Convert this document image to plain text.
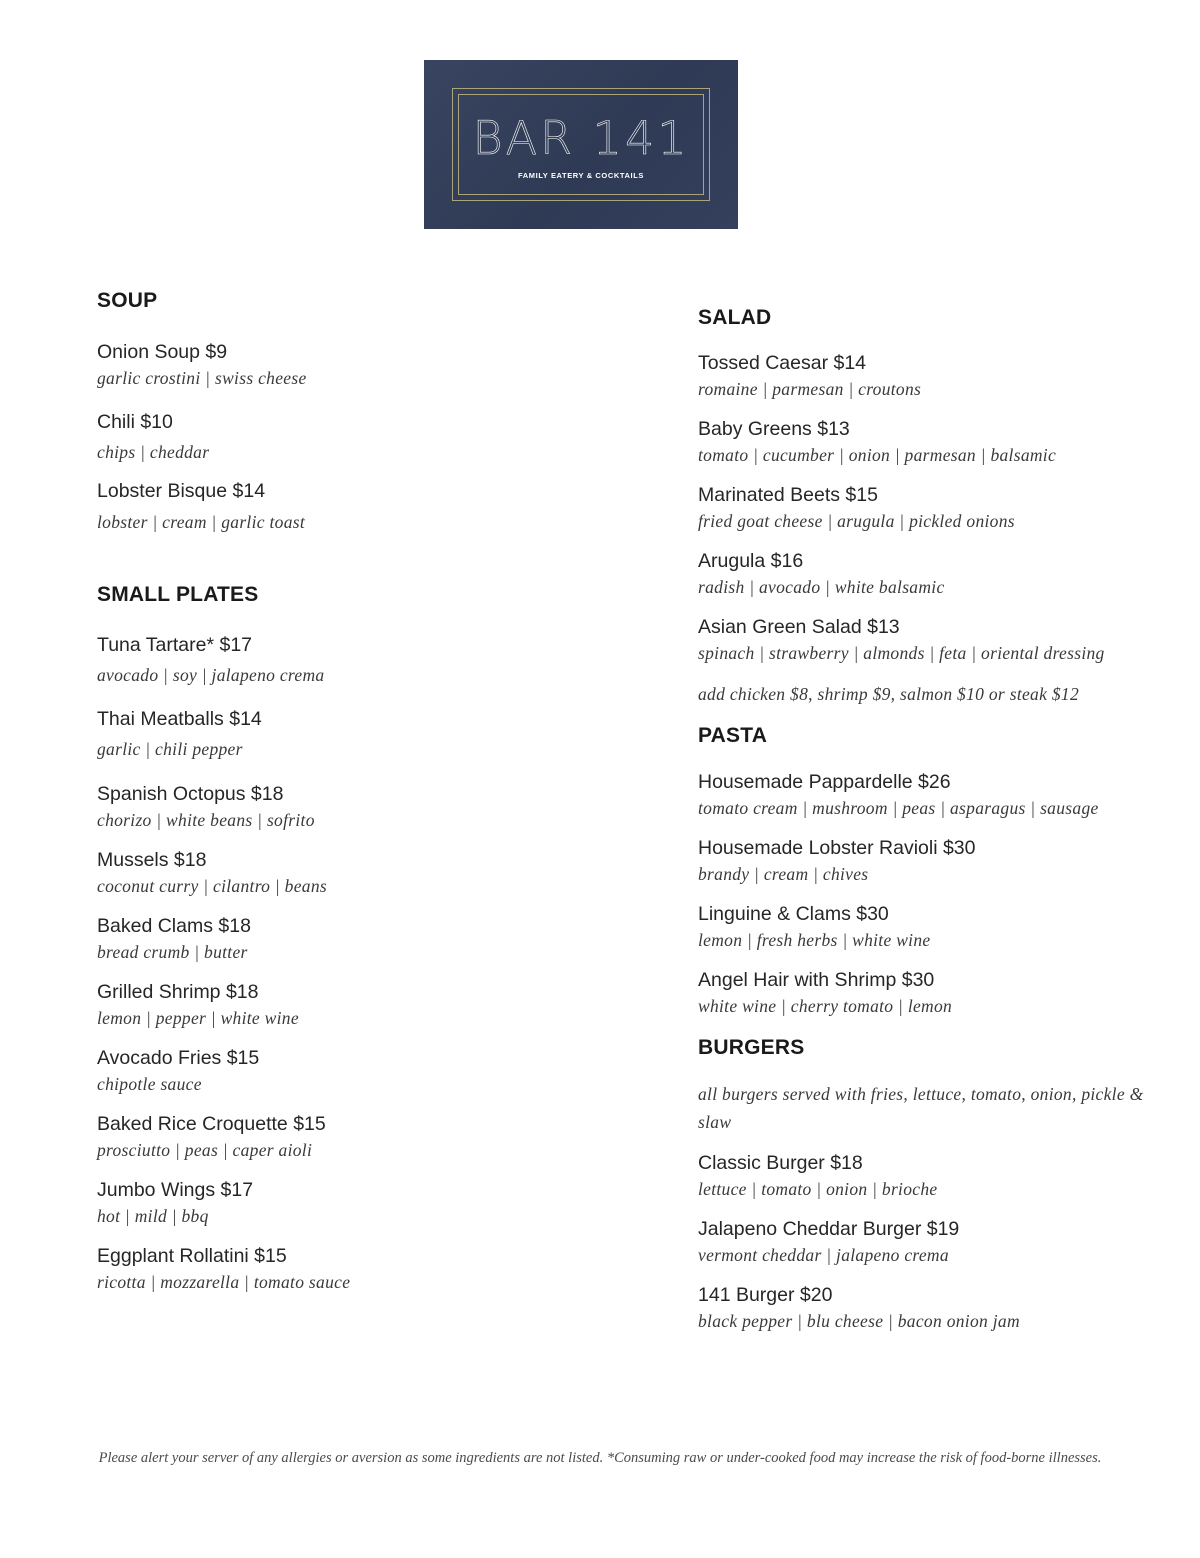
BAR 141
FAMILY EATERY & COCKTAILS
SOUP
Onion Soup $9
garlic crostini | swiss cheese
Chili $10
chips | cheddar
Lobster Bisque $14
lobster | cream | garlic toast
SMALL PLATES
Tuna Tartare* $17
avocado | soy | jalapeno crema
Thai Meatballs $14
garlic | chili pepper
Spanish Octopus $18
chorizo | white beans | sofrito
Mussels $18
coconut curry | cilantro | beans
Baked Clams $18
bread crumb | butter
Grilled Shrimp $18
lemon | pepper | white wine
Avocado Fries $15
chipotle sauce
Baked Rice Croquette $15
prosciutto | peas | caper aioli
Jumbo Wings $17
hot | mild | bbq
Eggplant Rollatini $15
ricotta | mozzarella | tomato sauce
SALAD
Tossed Caesar $14
romaine | parmesan | croutons
Baby Greens $13
tomato | cucumber | onion | parmesan | balsamic
Marinated Beets $15
fried goat cheese | arugula | pickled onions
Arugula $16
radish | avocado | white balsamic
Asian Green Salad $13
spinach | strawberry | almonds | feta | oriental dressing
add chicken $8, shrimp $9, salmon $10 or steak $12
PASTA
Housemade Pappardelle $26
tomato cream | mushroom | peas | asparagus | sausage
Housemade Lobster Ravioli $30
brandy | cream | chives
Linguine & Clams $30
lemon | fresh herbs | white wine
Angel Hair with Shrimp $30
white wine | cherry tomato | lemon
BURGERS
all burgers served with fries, lettuce, tomato, onion, pickle & slaw
Classic Burger $18
lettuce | tomato | onion | brioche
Jalapeno Cheddar Burger $19
vermont cheddar | jalapeno crema
141 Burger $20
black pepper | blu cheese | bacon onion jam
Please alert your server of any allergies or aversion as some ingredients are not listed. *Consuming raw or under-cooked food may increase the risk of food-borne illnesses.
